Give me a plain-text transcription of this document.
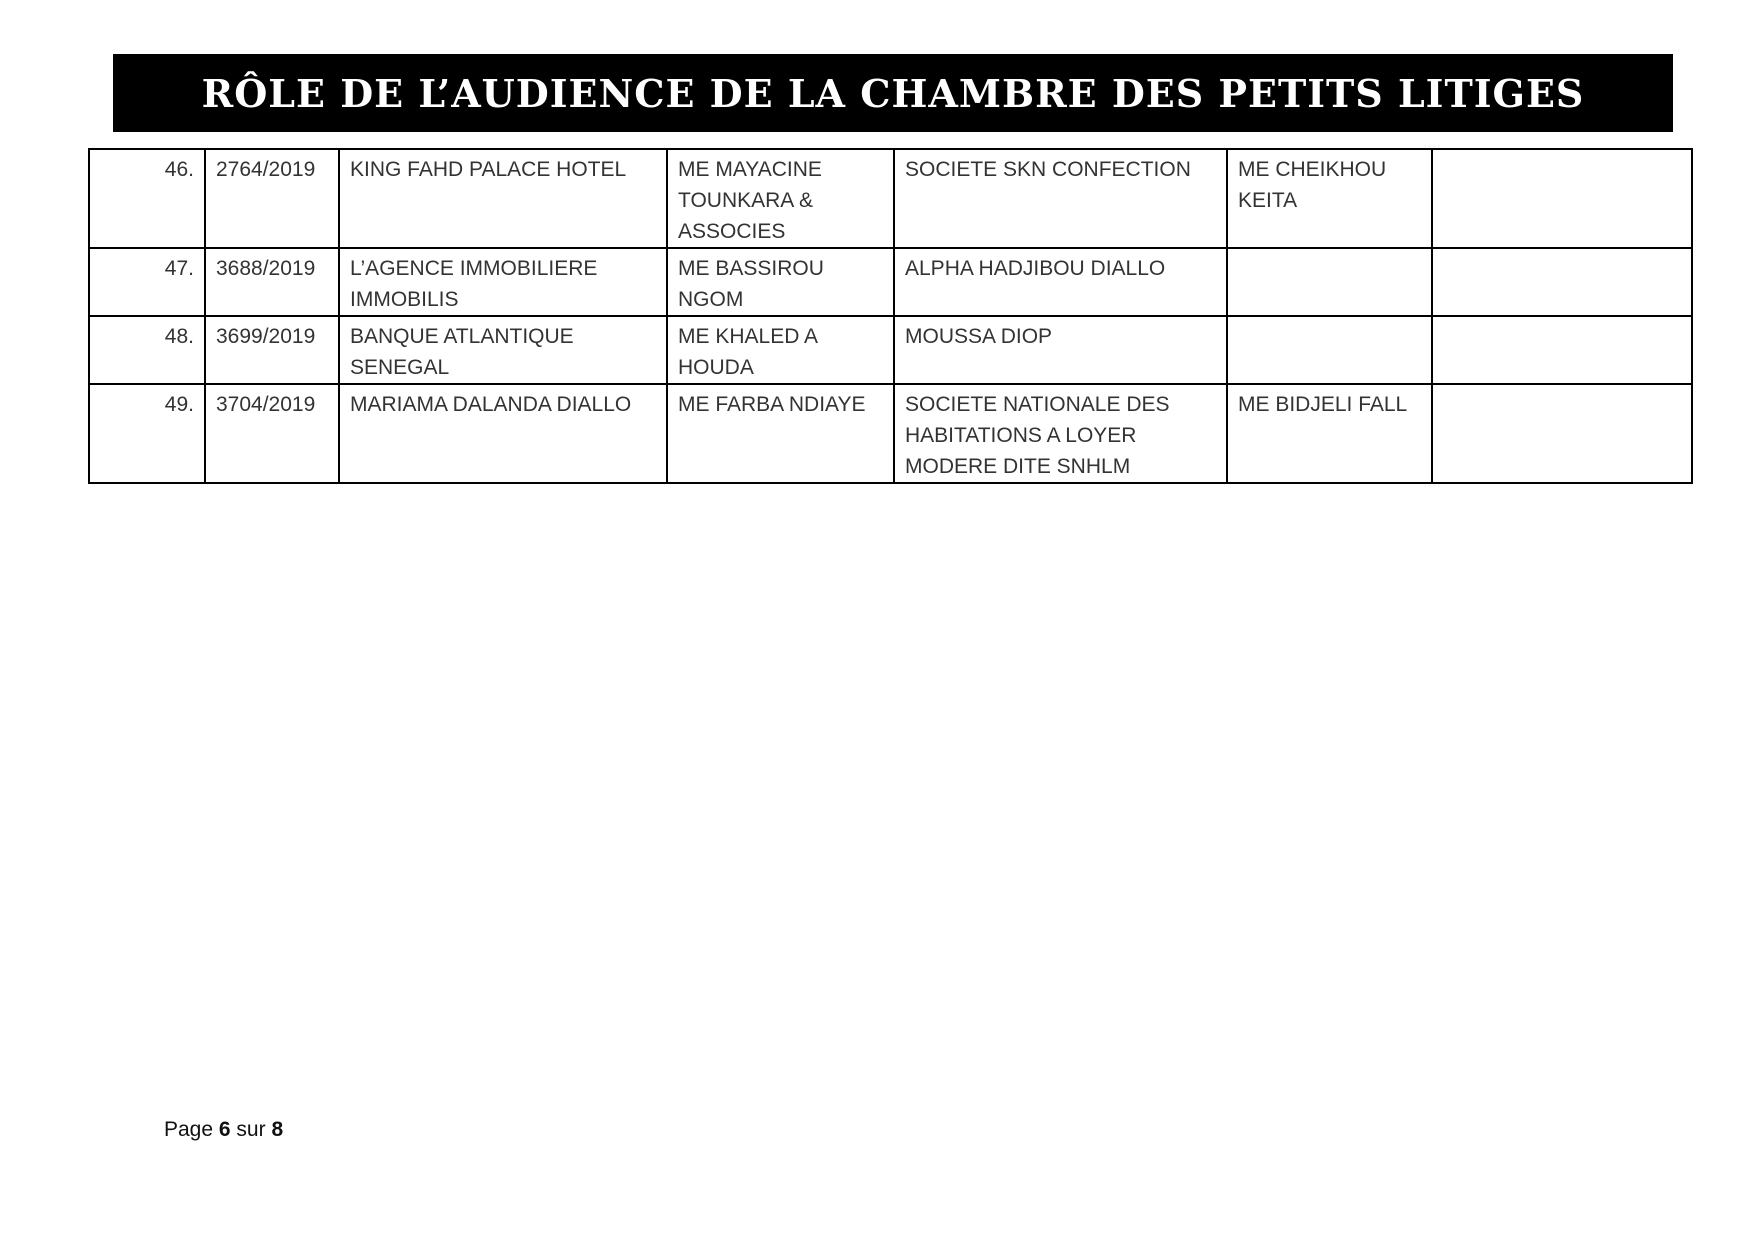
RÔLE DE L’AUDIENCE DE LA CHAMBRE DES PETITS LITIGES
46.	2764/2019	KING FAHD PALACE HOTEL	ME MAYACINE TOUNKARA & ASSOCIES	SOCIETE SKN CONFECTION	ME CHEIKHOU KEITA	
47.	3688/2019	L’AGENCE IMMOBILIERE IMMOBILIS	ME BASSIROU NGOM	ALPHA HADJIBOU DIALLO		
48.	3699/2019	BANQUE ATLANTIQUE SENEGAL	ME KHALED A HOUDA	MOUSSA DIOP		
49.	3704/2019	MARIAMA DALANDA DIALLO	ME FARBA NDIAYE	SOCIETE NATIONALE DES HABITATIONS A LOYER MODERE DITE SNHLM	ME BIDJELI FALL	
Page 6 sur 8
